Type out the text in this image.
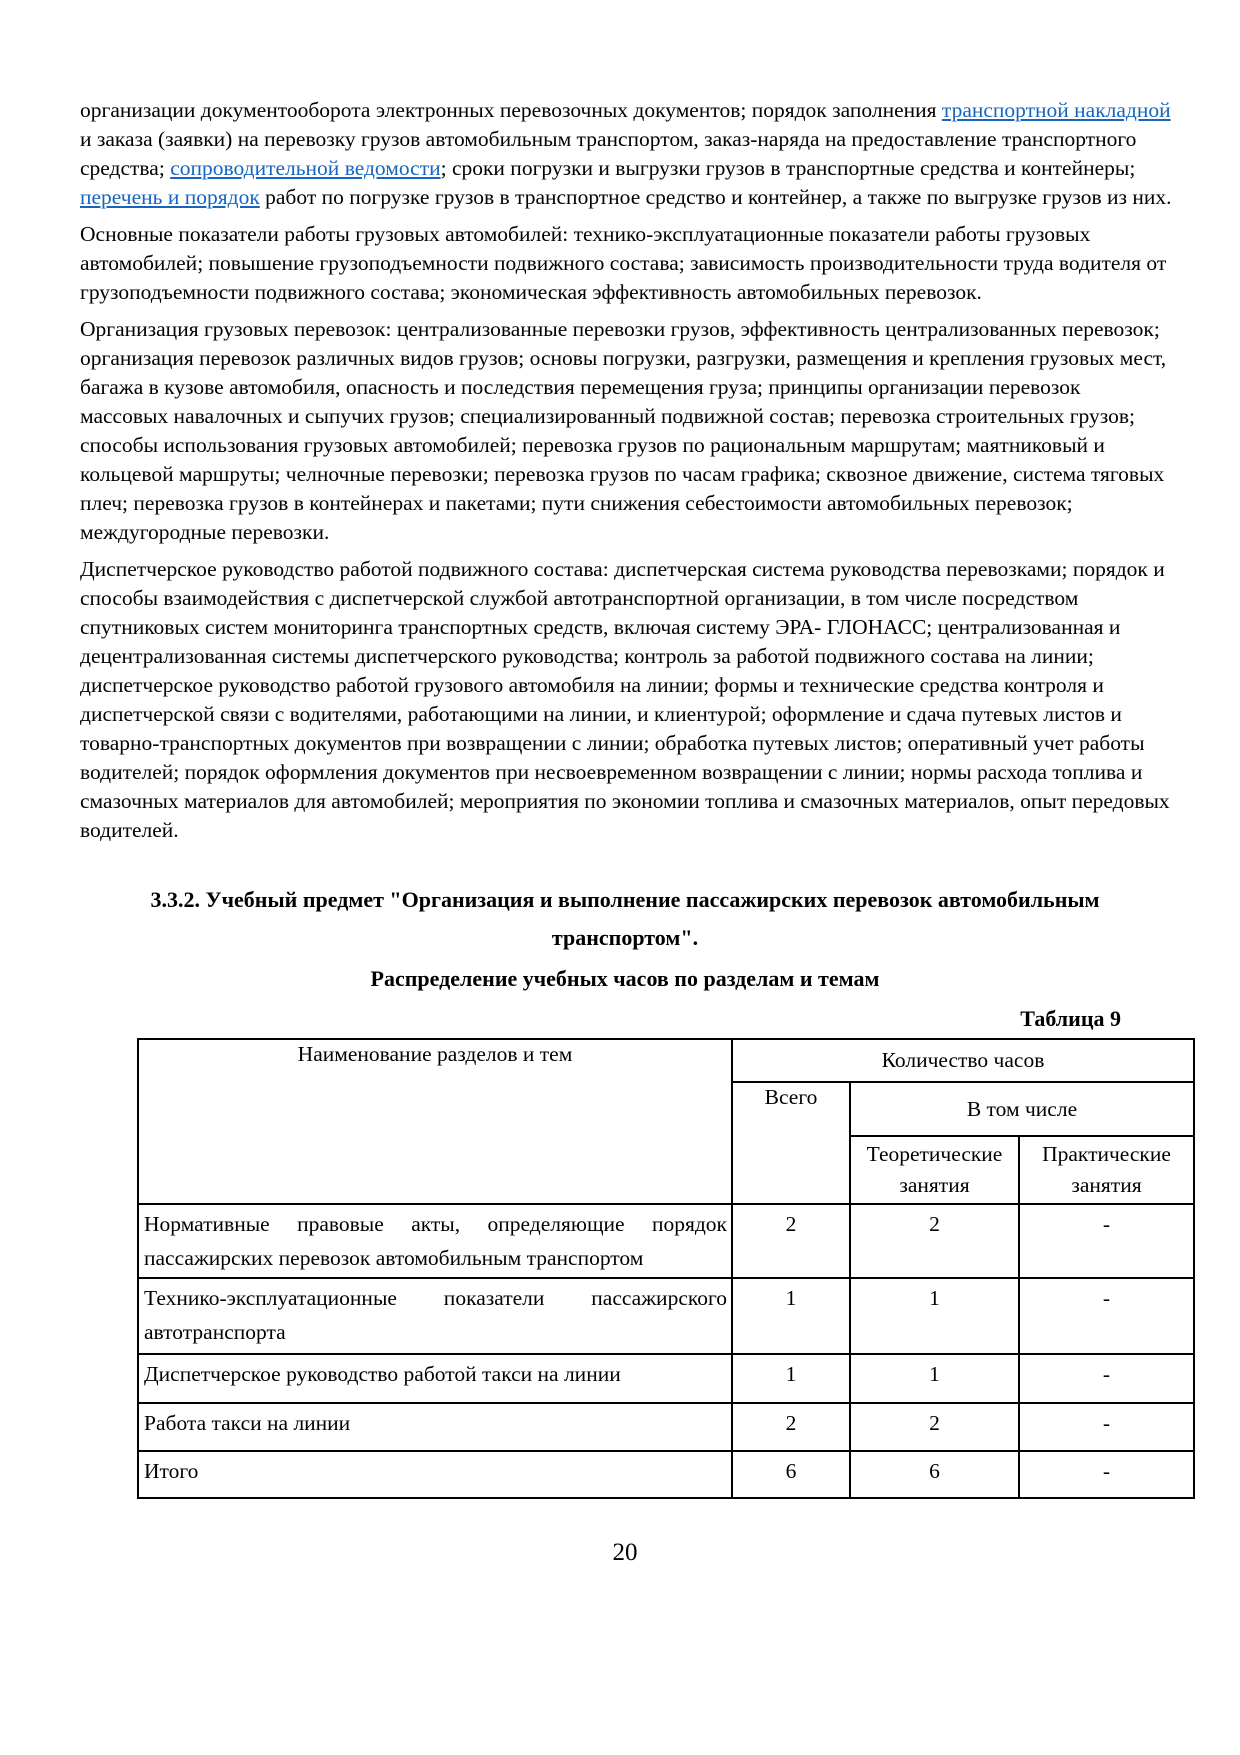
организации документооборота электронных перевозочных документов; порядок заполнения транспортной накладной и заказа (заявки) на перевозку грузов автомобильным транспортом, заказ-наряда на предоставление транспортного средства; сопроводительной ведомости; сроки погрузки и выгрузки грузов в транспортные средства и контейнеры; перечень и порядок работ по погрузке грузов в транспортное средство и контейнер, а также по выгрузке грузов из них.

Основные показатели работы грузовых автомобилей: технико-эксплуатационные показатели работы грузовых автомобилей; повышение грузоподъемности подвижного состава; зависимость производительности труда водителя от грузоподъемности подвижного состава; экономическая эффективность автомобильных перевозок.

Организация грузовых перевозок: централизованные перевозки грузов, эффективность централизованных перевозок; организация перевозок различных видов грузов; основы погрузки, разгрузки, размещения и крепления грузовых мест, багажа в кузове автомобиля, опасность и последствия перемещения груза; принципы организации перевозок массовых навалочных и сыпучих грузов; специализированный подвижной состав; перевозка строительных грузов; способы использования грузовых автомобилей; перевозка грузов по рациональным маршрутам; маятниковый и кольцевой маршруты; челночные перевозки; перевозка грузов по часам графика; сквозное движение, система тяговых плеч; перевозка грузов в контейнерах и пакетами; пути снижения себестоимости автомобильных перевозок; междугородные перевозки.

Диспетчерское руководство работой подвижного состава: диспетчерская система руководства перевозками; порядок и способы взаимодействия с диспетчерской службой автотранспортной организации, в том числе посредством спутниковых систем мониторинга транспортных средств, включая систему ЭРА- ГЛОНАСС; централизованная и децентрализованная системы диспетчерского руководства; контроль за работой подвижного состава на линии; диспетчерское руководство работой грузового автомобиля на линии; формы и технические средства контроля и диспетчерской связи с водителями, работающими на линии, и клиентурой; оформление и сдача путевых листов и товарно-транспортных документов при возвращении с линии; обработка путевых листов; оперативный учет работы водителей; порядок оформления документов при несвоевременном возвращении с линии; нормы расхода топлива и смазочных материалов для автомобилей; мероприятия по экономии топлива и смазочных материалов, опыт передовых водителей.

3.3.2. Учебный предмет "Организация и выполнение пассажирских перевозок автомобильным транспортом".
Распределение учебных часов по разделам и темам
Таблица 9
Наименование разделов и тем	Количество часов		
	Всего	В том числе	
		Теоретические занятия	Практические занятия
Нормативные правовые акты, определяющие порядок пассажирских перевозок автомобильным транспортом	2	2	-
Технико-эксплуатационные показатели пассажирского автотранспорта	1	1	-
Диспетчерское руководство работой такси на линии	1	1	-
Работа такси на линии	2	2	-
Итого	6	6	-
20
